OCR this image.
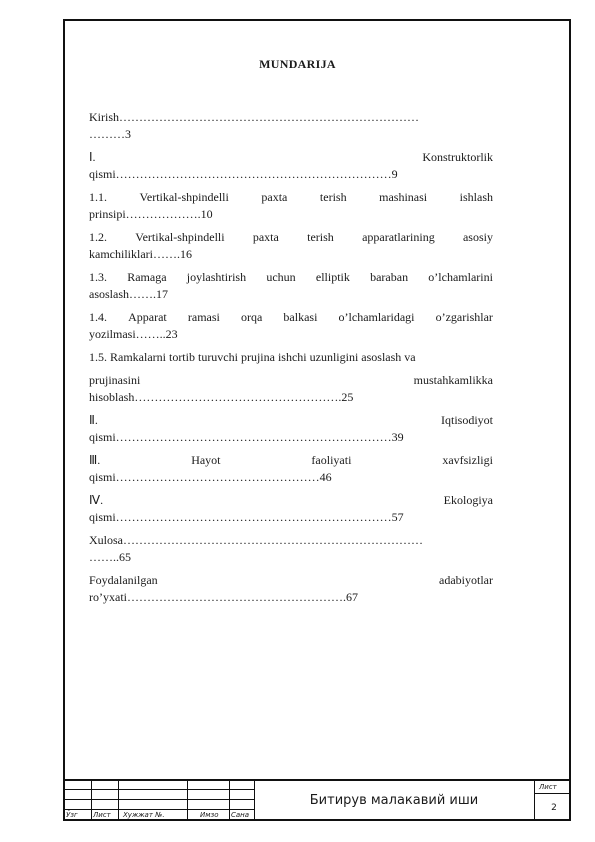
MUNDARIJA
Kirish…………………………………………………………………
………3
Ⅰ.	Konstruktorlik
qismi……………………………………………………………9
1.1.	Vertikal-shpindelli	paxta	terish	mashinasi	ishlash
prinsipi……………….10
1.2. Vertikal-shpindelli paxta terish apparatlarining asosiy
kamchiliklari…….16
1.3. Ramaga joylashtirish uchun elliptik baraban o’lchamlarini
asoslash…….17
1.4. Apparat ramasi orqa balkasi o’lchamlaridagi o’zgarishlar
yozilmasi……..23
1.5. Ramkalarni tortib turuvchi prujina ishchi uzunligini asoslash va
prujinasini	mustahkamlikka
hisoblash…………………………………………….25
Ⅱ.	Iqtisodiyot
qismi……………………………………………………………39
Ⅲ.	Hayot	faoliyati	xavfsizligi
qismi……………………………………………46
Ⅳ.	Ekologiya
qismi……………………………………………………………57
Xulosa…………………………………………………………………
……..65
Foydalanilgan	adabiyotlar
ro’yxati……………………………………………….67
Ўзг Лист Хужжат №.	Имзо Сана
Битирув малакавий иши
Лист
2
